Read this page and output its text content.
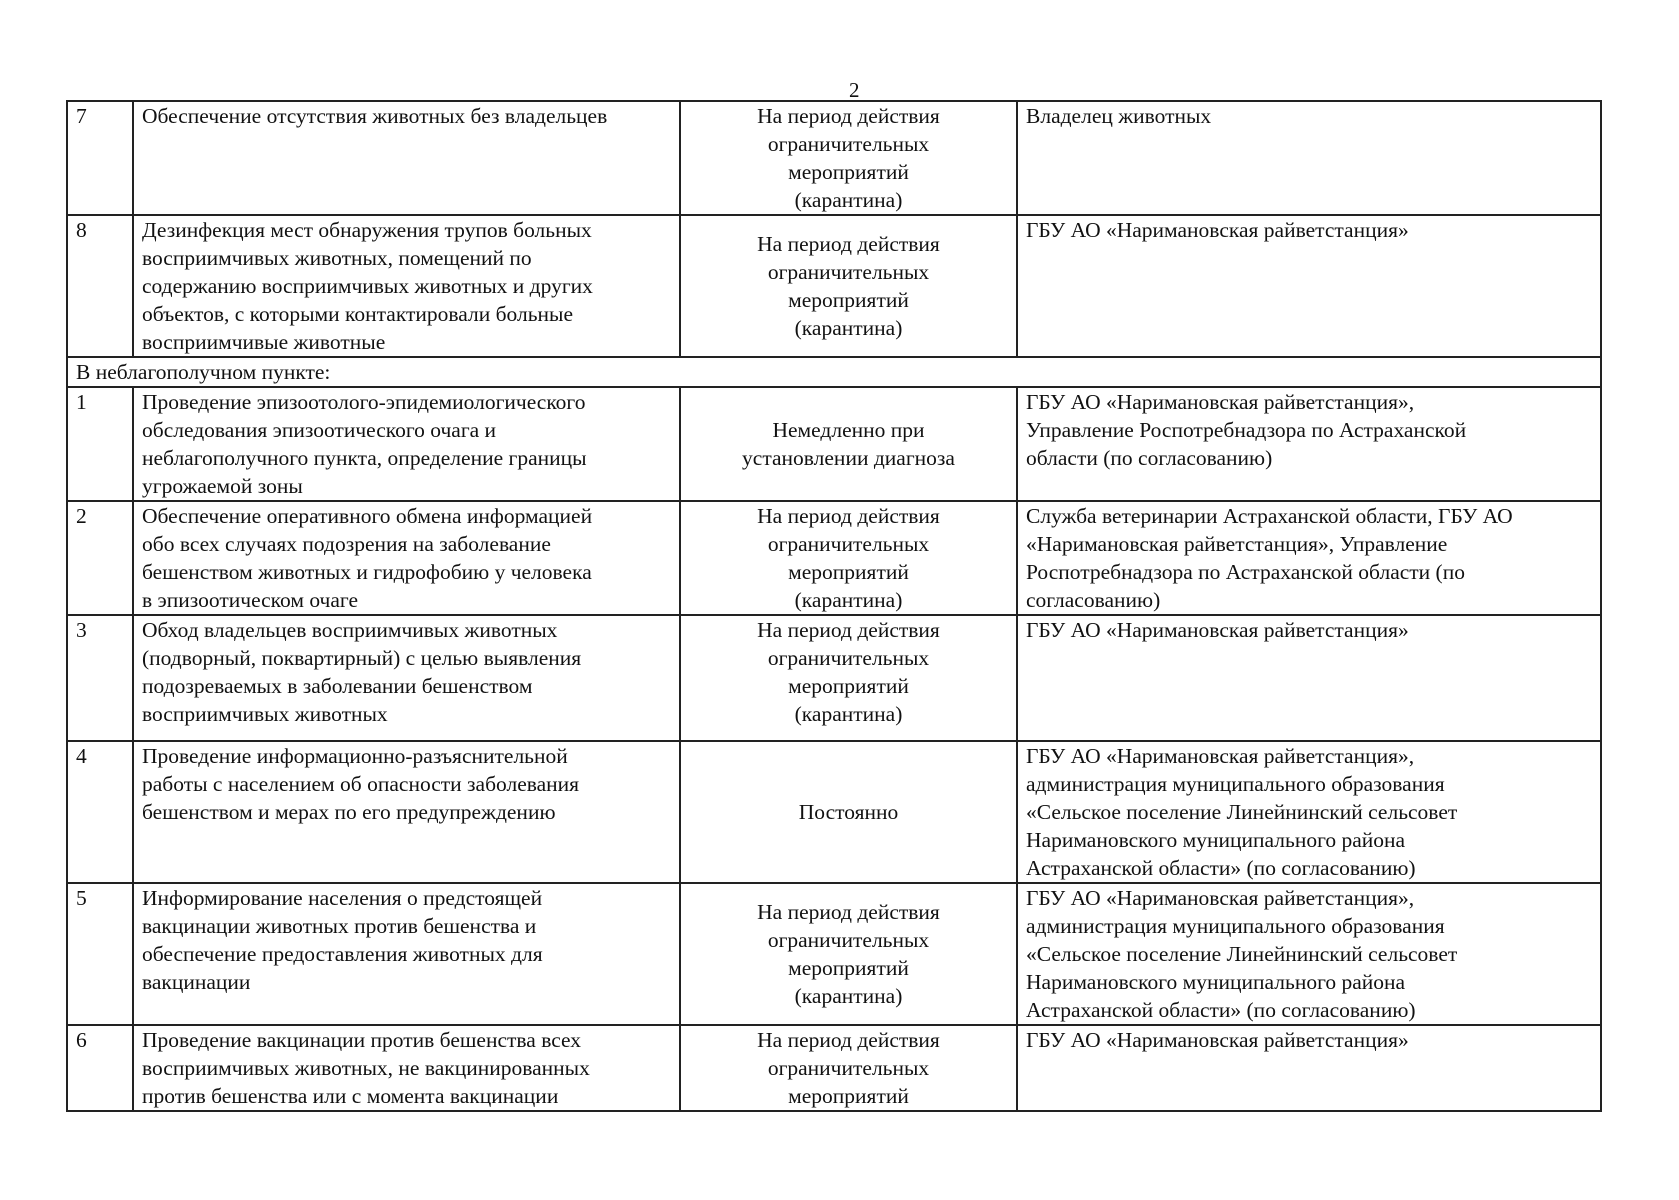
2
7	Обеспечение отсутствия животных без владельцев	На период действия
ограничительных
мероприятий
(карантина)	Владелец животных
8	Дезинфекция мест обнаружения трупов больных
восприимчивых животных, помещений по
содержанию восприимчивых животных и других
объектов, с которыми контактировали больные
восприимчивые животные	На период действия
ограничительных
мероприятий
(карантина)	ГБУ АО «Наримановская райветстанция»
В неблагополучном пункте:			
1	Проведение эпизоотолого-эпидемиологического
обследования эпизоотического очага и
неблагополучного пункта, определение границы
угрожаемой зоны	Немедленно при
установлении диагноза	ГБУ АО «Наримановская райветстанция»,
Управление Роспотребнадзора по Астраханской
области (по согласованию)
2	Обеспечение оперативного обмена информацией
обо всех случаях подозрения на заболевание
бешенством животных и гидрофобию у человека
в эпизоотическом очаге	На период действия
ограничительных
мероприятий
(карантина)	Служба ветеринарии Астраханской области, ГБУ АО
«Наримановская райветстанция», Управление
Роспотребнадзора по Астраханской области (по
согласованию)
3	Обход владельцев восприимчивых животных
(подворный, поквартирный) с целью выявления
подозреваемых в заболевании бешенством
восприимчивых животных	На период действия
ограничительных
мероприятий
(карантина)	ГБУ АО «Наримановская райветстанция»
4	Проведение информационно-разъяснительной
работы с населением об опасности заболевания
бешенством и мерах по его предупреждению	Постоянно	ГБУ АО «Наримановская райветстанция»,
администрация муниципального образования
«Сельское поселение Линейнинский сельсовет
Наримановского муниципального района
Астраханской области» (по согласованию)
5	Информирование населения о предстоящей
вакцинации животных против бешенства и
обеспечение предоставления животных для
вакцинации	На период действия
ограничительных
мероприятий
(карантина)	ГБУ АО «Наримановская райветстанция»,
администрация муниципального образования
«Сельское поселение Линейнинский сельсовет
Наримановского муниципального района
Астраханской области» (по согласованию)
6	Проведение вакцинации против бешенства всех
восприимчивых животных, не вакцинированных
против бешенства или с момента вакцинации	На период действия
ограничительных
мероприятий	ГБУ АО «Наримановская райветстанция»
